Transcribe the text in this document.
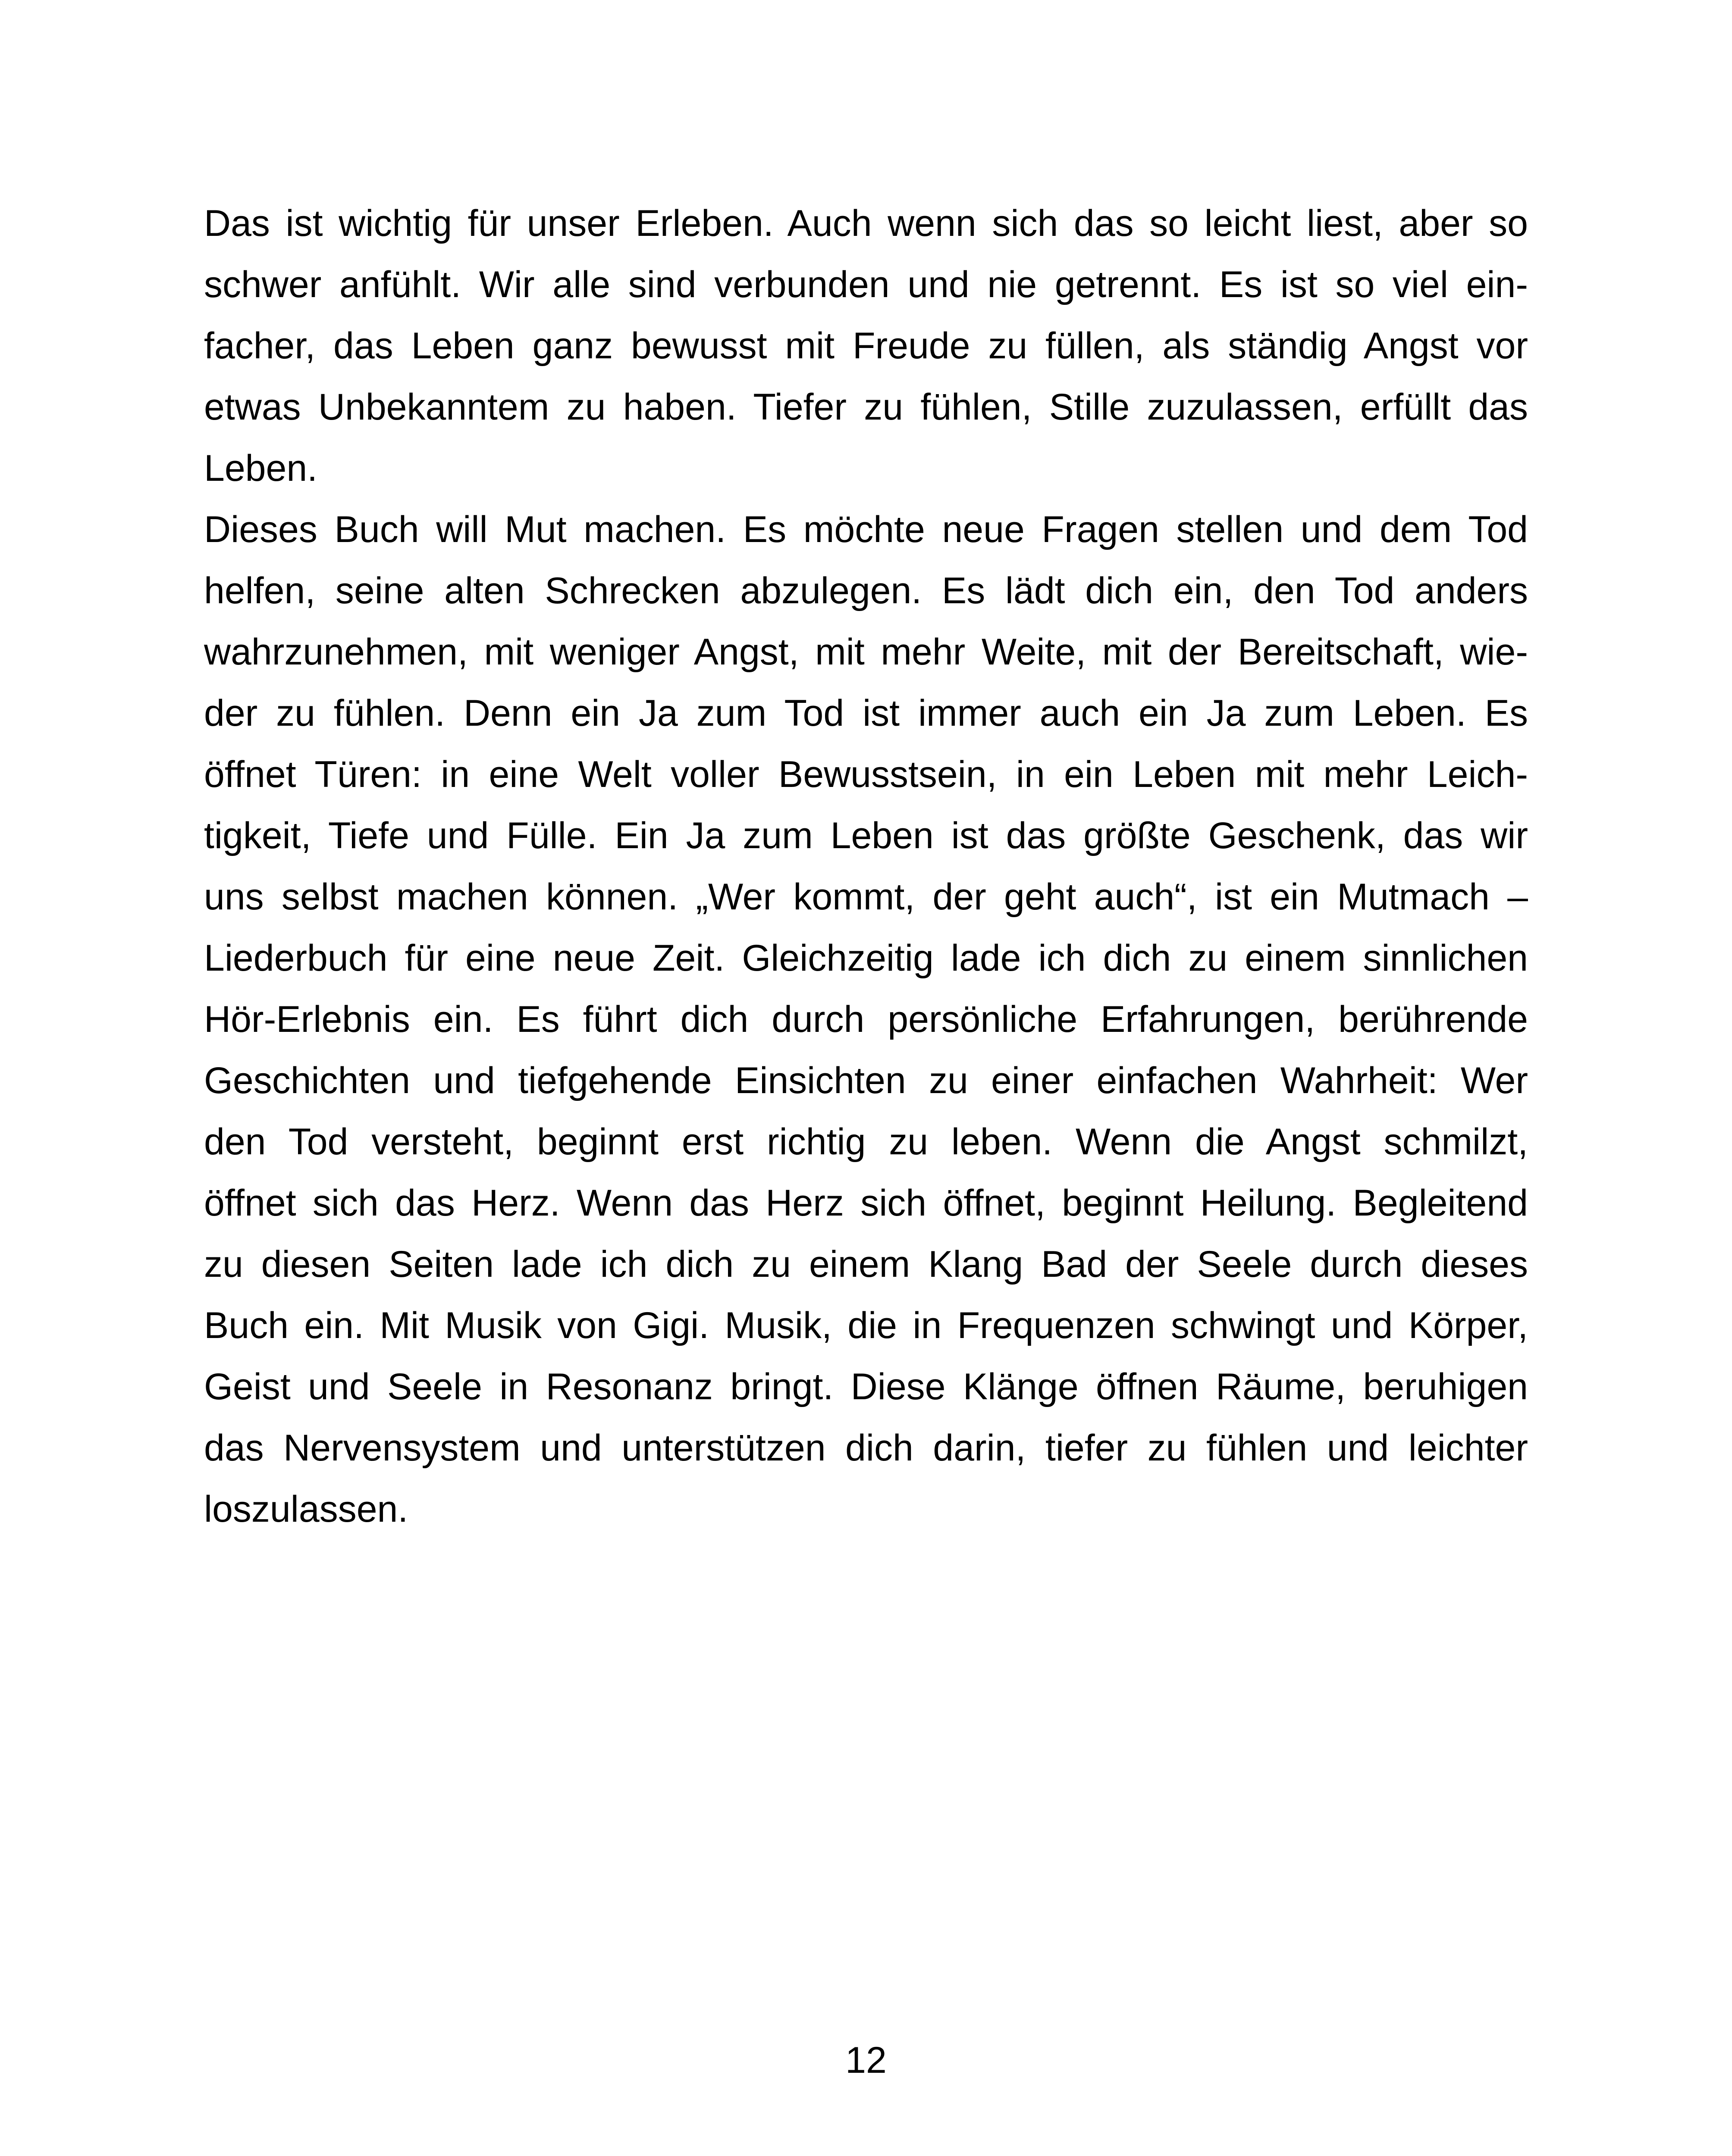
Das ist wichtig für unser Erleben. Auch wenn sich das so leicht liest, aber so
schwer anfühlt. Wir alle sind verbunden und nie getrennt. Es ist so viel ein-
facher, das Leben ganz bewusst mit Freude zu füllen, als ständig Angst vor
etwas Unbekanntem zu haben. Tiefer zu fühlen, Stille zuzulassen, erfüllt das
Leben.
Dieses Buch will Mut machen. Es möchte neue Fragen stellen und dem Tod
helfen, seine alten Schrecken abzulegen. Es lädt dich ein, den Tod anders
wahrzunehmen, mit weniger Angst, mit mehr Weite, mit der Bereitschaft, wie-
der zu fühlen. Denn ein Ja zum Tod ist immer auch ein Ja zum Leben. Es
öffnet Türen: in eine Welt voller Bewusstsein, in ein Leben mit mehr Leich-
tigkeit, Tiefe und Fülle. Ein Ja zum Leben ist das größte Geschenk, das wir
uns selbst machen können. „Wer kommt, der geht auch“, ist ein Mutmach –
Liederbuch für eine neue Zeit. Gleichzeitig lade ich dich zu einem sinnlichen
Hör-Erlebnis ein. Es führt dich durch persönliche Erfahrungen, berührende
Geschichten und tiefgehende Einsichten zu einer einfachen Wahrheit: Wer
den Tod versteht, beginnt erst richtig zu leben. Wenn die Angst schmilzt,
öffnet sich das Herz. Wenn das Herz sich öffnet, beginnt Heilung. Begleitend
zu diesen Seiten lade ich dich zu einem Klang Bad der Seele durch dieses
Buch ein. Mit Musik von Gigi. Musik, die in Frequenzen schwingt und Körper,
Geist und Seele in Resonanz bringt. Diese Klänge öffnen Räume, beruhigen
das Nervensystem und unterstützen dich darin, tiefer zu fühlen und leichter
loszulassen.
12
